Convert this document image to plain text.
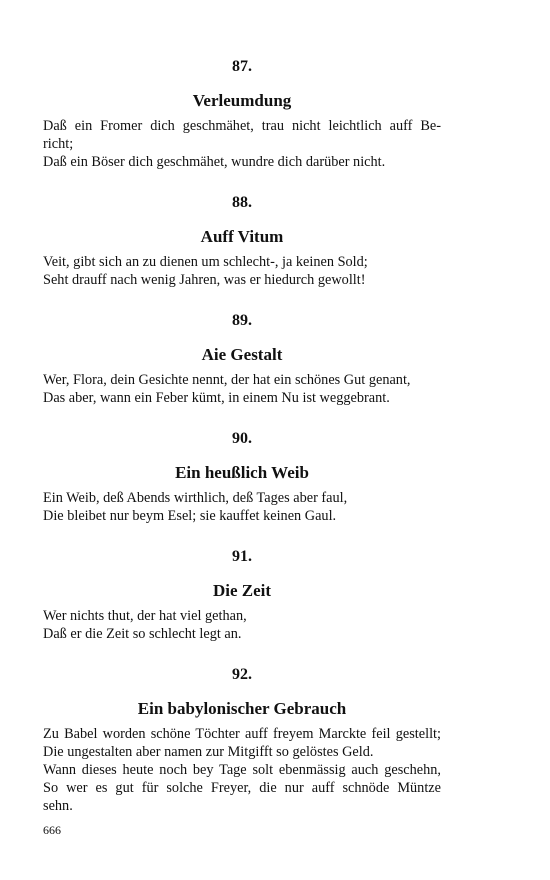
87.
Verleumdung
Daß ein Fromer dich geschmähet, trau nicht leichtlich auff Be-
richt;
Daß ein Böser dich geschmähet, wundre dich darüber nicht.
88.
Auff Vitum
Veit, gibt sich an zu dienen um schlecht-, ja keinen Sold;
Seht drauff nach wenig Jahren, was er hiedurch gewollt!
89.
Aie Gestalt
Wer, Flora, dein Gesichte nennt, der hat ein schönes Gut genant,
Das aber, wann ein Feber kümt, in einem Nu ist weggebrant.
90.
Ein heußlich Weib
Ein Weib, deß Abends wirthlich, deß Tages aber faul,
Die bleibet nur beym Esel; sie kauffet keinen Gaul.
91.
Die Zeit
Wer nichts thut, der hat viel gethan,
Daß er die Zeit so schlecht legt an.
92.
Ein babylonischer Gebrauch
Zu Babel worden schöne Töchter auff freyem Marckte feil gestellt;
Die ungestalten aber namen zur Mitgifft so gelöstes Geld.
Wann dieses heute noch bey Tage solt ebenmässig auch geschehn,
So wer es gut für solche Freyer, die nur auff schnöde Müntze
sehn.
666
